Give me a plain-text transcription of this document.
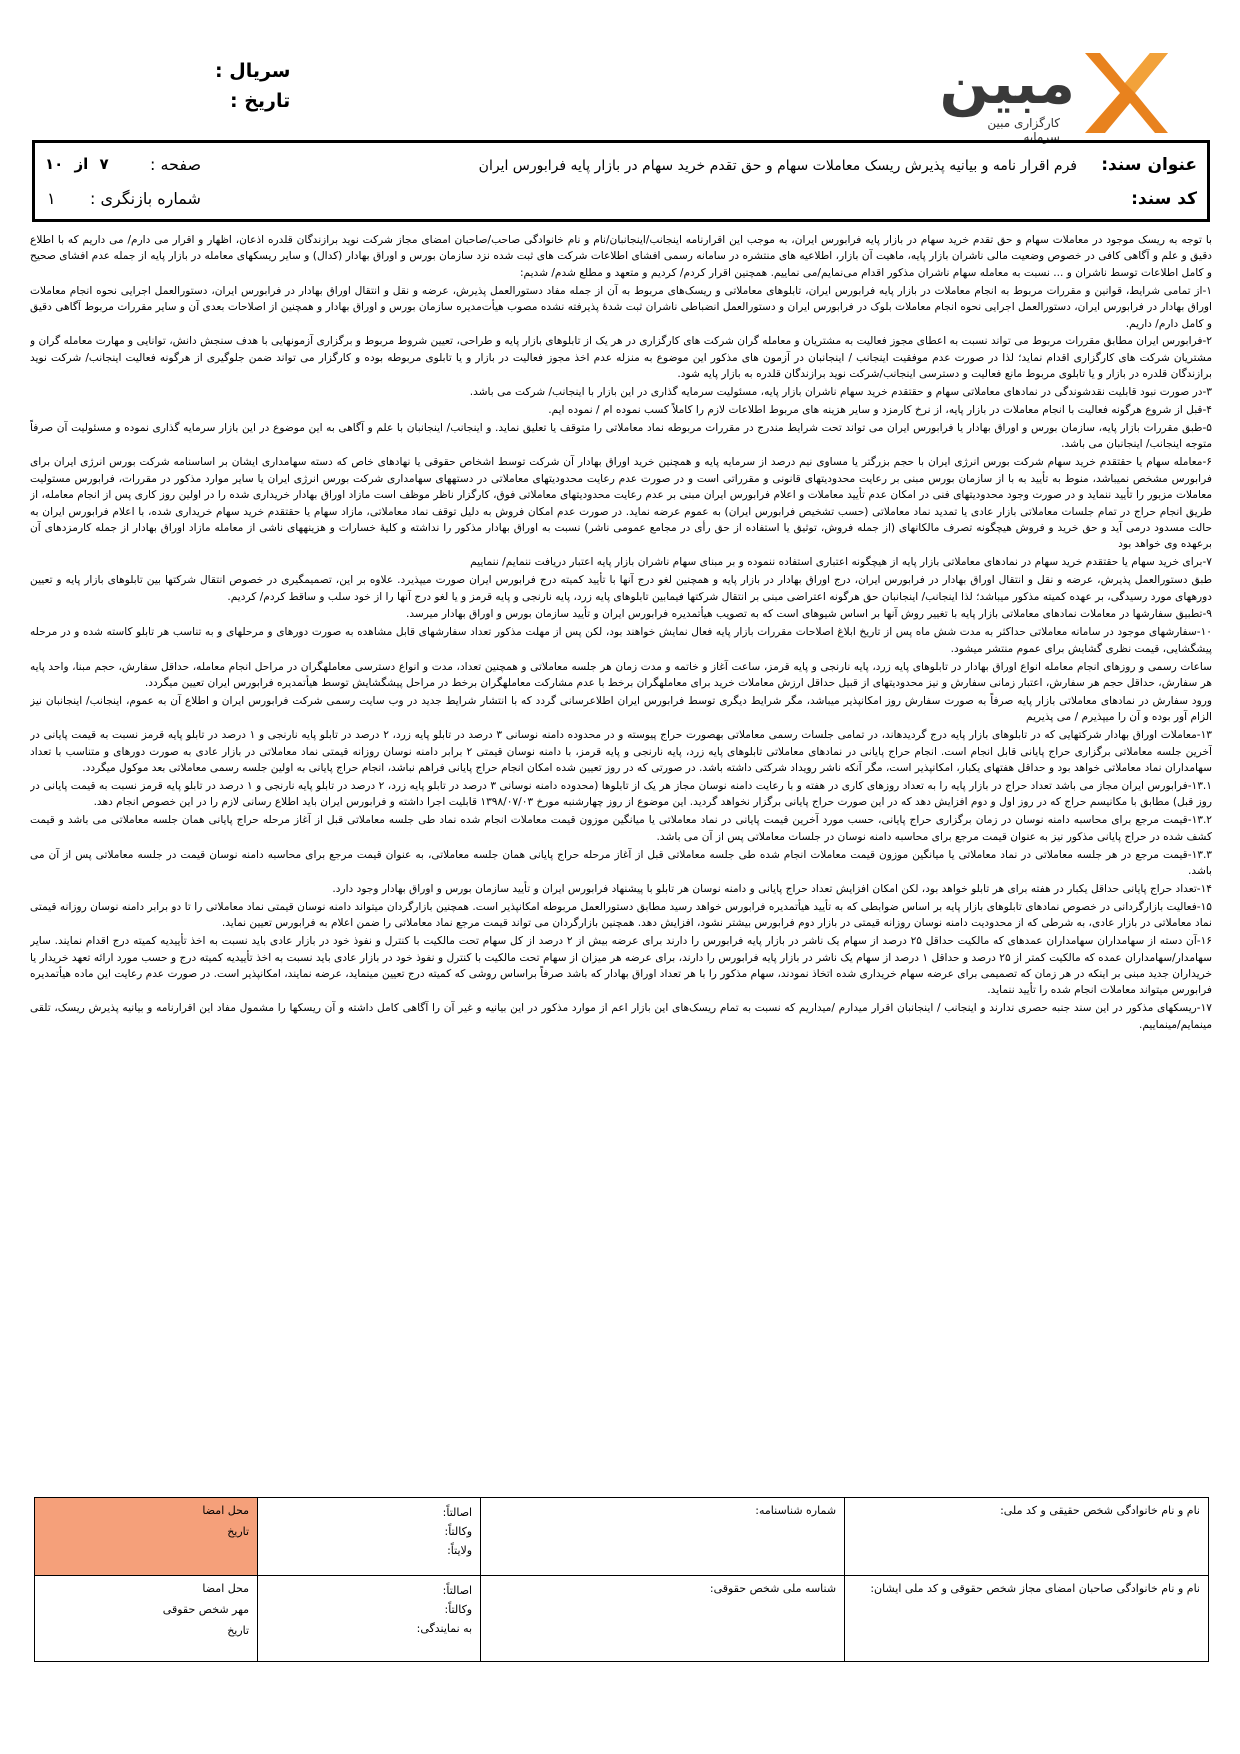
مبین
کارگزاری مبین سرمایه
سریال :
تاریخ :
عنوان سند:
فرم اقرار نامه و بیانیه پذیرش ریسک معاملات سهام و حق تقدم خرید سهام در بازار پایه فرابورس ایران
کد سند:
صفحه :
۷ از ۱۰
شماره بازنگری :
۱

با توجه به ریسک موجود در معاملات سهام و حق تقدم خرید سهام در بازار پایه فرابورس ایران، به موجب این اقرارنامه اینجانب/اینجانبان/نام و نام خانوادگی صاحب/صاحبان امضای مجاز شرکت نوید برازندگان قلدره اذعان، اظهار و اقرار می دارم/ می داریم که با اطلاع دقیق و علم و آگاهی کافی در خصوص وضعیت مالی ناشران بازار پایه، ماهیت آن بازار، اطلاعیه های منتشره در سامانه رسمی افشای اطلاعات شرکت های ثبت شده نزد سازمان بورس و اوراق بهادار (کدال) و سایر ریسکهای معامله در بازار پایه از جمله عدم افشای صحیح و کامل اطلاعات توسط ناشران و ... نسبت به معامله سهام ناشران مذکور اقدام می‌نمایم/می نماییم. همچنین اقرار کردم/ کردیم و متعهد و مطلع شدم/ شدیم:

۱-از تمامی شرایط، قوانین و مقررات مربوط به انجام معاملات در بازار پایه فرابورس ایران، تابلوهای معاملاتی و ریسک‌های مربوط به آن از جمله مفاد دستورالعمل پذیرش، عرضه و نقل و انتقال اوراق بهادار در فرابورس ایران، دستورالعمل اجرایی نحوه انجام معاملات اوراق بهادار در فرابورس ایران، دستورالعمل اجرایی نحوه انجام معاملات بلوک در فرابورس ایران و دستورالعمل انضباطی ناشران ثبت شدهٔ پذیرفته نشده مصوب هیأت‌مدیره سازمان بورس و اوراق بهادار و همچنین از اصلاحات بعدی آن و سایر مقررات مربوط آگاهی دقیق و کامل دارم/ داریم.

۲-فرابورس ایران مطابق مقررات مربوط می تواند نسبت به اعطای مجوز فعالیت به مشتریان و معامله گران شرکت های کارگزاری در هر یک از تابلوهای بازار پایه و طراحی، تعیین شروط مربوط و برگزاری آزمونهایی با هدف سنجش دانش، توانایی و مهارت معامله گران و مشتریان شرکت های کارگزاری اقدام نماید؛ لذا در صورت عدم موفقیت اینجانب / اینجانبان در آزمون های مذکور این موضوع به منزله عدم اخذ مجوز فعالیت در بازار و یا تابلوی مربوطه بوده و کارگزار می تواند ضمن جلوگیری از هرگونه فعالیت اینجانب/ شرکت نوید برازندگان قلدره در بازار و یا تابلوی مربوط مانع فعالیت و دسترسی اینجانب/شرکت نوید برازندگان قلدره به بازار پایه شود.

۳-در صورت نبود قابلیت نقدشوندگی در نمادهای معاملاتی سهام و حقتقدم خرید سهام ناشران بازار پایه، مسئولیت سرمایه گذاری در این بازار با اینجانب/ شرکت می باشد.

۴-قبل از شروع هرگونه فعالیت با انجام معاملات در بازار پایه، از نرخ کارمزد و سایر هزینه های مربوط اطلاعات لازم را کاملاً کسب نموده ام / نموده ایم.

۵-طبق مقررات بازار پایه، سازمان بورس و اوراق بهادار یا فرابورس ایران می تواند تحت شرایط مندرج در مقررات مربوطه نماد معاملاتی را متوقف یا تعلیق نماید. و اینجانب/ اینجانبان با علم و آگاهی به این موضوع در این بازار سرمایه گذاری نموده و مسئولیت آن صرفاً متوجه اینجانب/ اینجانبان می باشد.

۶-معامله سهام یا حقتقدم خرید سهام شرکت بورس انرژی ایران با حجم بزرگتر یا مساوی نیم درصد از سرمایه پایه و همچنین خرید اوراق بهادار آن شرکت توسط اشخاص حقوقی یا نهادهای خاص که دسته سهامداری ایشان بر اساسنامه شرکت بورس انرژی ایران برای فرابورس مشخص نمیباشد، منوط به تأیید به با از سازمان بورس مبنی بر رعایت محدودیتهای قانونی و مقرراتی است و در صورت عدم رعایت محدودیتهای معاملاتی در دستههای سهامداری شرکت بورس انرژی ایران یا سایر موارد مذکور در مقررات، فرابورس مستولیت معاملات مزبور را تأیید ننماید و در صورت وجود محدودیتهای فنی در امکان عدم تأیید معاملات و اعلام فرابورس ایران مبنی بر عدم رعایت محدودیتهای معاملاتی فوق، کارگزار ناظر موظف است مازاد اوراق بهادار خریداری شده را در اولین روز کاری پس از انجام معامله، از طریق انجام حراج در تمام جلسات معاملاتی بازار عادی یا تمدید نماد معاملاتی (حسب تشخیص فرابورس ایران) به عموم عرضه نماید. در صورت عدم امکان فروش به دلیل توقف نماد معاملاتی، مازاد سهام یا حقتقدم خرید سهام خریداری شده، با اعلام فرابورس ایران به حالت مسدود درمی آید و حق خرید و فروش هیچگونه تصرف مالکانهای (از جمله فروش، توثیق یا استفاده از حق رأی در مجامع عمومی ناشر) نسبت به اوراق بهادار مذکور را نداشته و کلیهٔ خسارات و هزینههای ناشی از معامله مازاد اوراق بهادار از جمله کارمزدهای آن برعهده وی خواهد بود

۷-برای خرید سهام یا حقتقدم خرید سهام در نمادهای معاملاتی بازار پایه از هیچگونه اعتباری استفاده ننموده و بر مبنای سهام ناشران بازار پایه اعتبار دریافت ننمایم/ ننماییم

طبق دستورالعمل پذیرش، عرضه و نقل و انتقال اوراق بهادار در فرابورس ایران، درج اوراق بهادار در بازار پایه و همچنین لغو درج آنها با تأیید کمیته درج فرابورس ایران صورت میپذیرد. علاوه بر این، تصمیمگیری در خصوص انتقال شرکتها بین تابلوهای بازار پایه و تعیین دورههای مورد رسیدگی، بر عهده کمیته مذکور میباشد؛ لذا اینجانب/ اینجانبان حق هرگونه اعتراضی مبنی بر انتقال شرکتها فیمابین تابلوهای پایه زرد، پایه نارنجی و پایه قرمز و یا لغو درج آنها را از خود سلب و ساقط کردم/ کردیم.

۹-تطبیق سفارشها در معاملات نمادهای معاملاتی بازار پایه با تغییر روش آنها بر اساس شیوهای است که به تصویب هیأتمدیره فرابورس ایران و تأیید سازمان بورس و اوراق بهادار میرسد.

۱۰-سفارشهای موجود در سامانه معاملاتی حداکثر به مدت شش ماه پس از تاریخ ابلاغ اصلاحات مقررات بازار پایه فعال نمایش خواهند بود، لکن پس از مهلت مذکور تعداد سفارشهای قابل مشاهده به صورت دورهای و مرحلهای و به تناسب هر تابلو کاسته شده و در مرحله پیشگشایی، قیمت نظری گشایش برای عموم منتشر میشود.

ساعات رسمی و روزهای انجام معامله انواع اوراق بهادار در تابلوهای پایه زرد، پایه نارنجی و پایه قرمز، ساعت آغاز و خاتمه و مدت زمان هر جلسه معاملاتی و همچنین تعداد، مدت و انواع دسترسی معاملهگران در مراحل انجام معامله، حداقل سفارش، حجم مبنا، واحد پایه هر سفارش، حداقل حجم هر سفارش، اعتبار زمانی سفارش و نیز محدودیتهای از قبیل حداقل ارزش معاملات خرید برای معاملهگران برخط با عدم مشارکت معاملهگران برخط در مراحل پیشگشایش توسط هیأتمدیره فرابورس ایران تعیین میگردد.

ورود سفارش در نمادهای معاملاتی بازار پایه صرفاً به صورت سفارش روز امکانپذیر میباشد، مگر شرایط دیگری توسط فرابورس ایران اطلاعرسانی گردد که با انتشار شرایط جدید در وب سایت رسمی شرکت فرابورس ایران و اطلاع آن به عموم، اینجانب/ اینجانبان نیز الزام آور بوده و آن را میپذیرم / می پذیریم

۱۳-معاملات اوراق بهادار شرکتهایی که در تابلوهای بازار پایه درج گردیدهاند، در تمامی جلسات رسمی معاملاتی بهصورت حراج پیوسته و در محدوده دامنه نوسانی ۳ درصد در تابلو پایه زرد، ۲ درصد در تابلو پایه نارنجی و ۱ درصد در تابلو پایه قرمز نسبت به قیمت پایانی در آخرین جلسه معاملاتی برگزاری حراج پایانی قابل انجام است. انجام حراج پایانی در نمادهای معاملاتی تابلوهای پایه زرد، پایه نارنجی و پایه قرمز، با دامنه نوسان قیمتی ۲ برابر دامنه نوسان روزانه قیمتی نماد معاملاتی در بازار عادی به صورت دورهای و متناسب با تعداد سهامداران نماد معاملاتی خواهد بود و حداقل هفتهای یکبار، امکانپذیر است، مگر آنکه ناشر رویداد شرکتی داشته باشد. در صورتی که در روز تعیین شده امکان انجام حراج پایانی فراهم نباشد، انجام حراج پایانی به اولین جلسه رسمی معاملاتی بعد موکول میگردد.

۱۳.۱-فرابورس ایران مجاز می باشد تعداد حراج در بازار پایه را به تعداد روزهای کاری در هفته و با رعایت دامنه نوسان مجاز هر یک از تابلوها (محدوده دامنه نوسانی ۳ درصد در تابلو پایه زرد، ۲ درصد در تابلو پایه نارنجی و ۱ درصد در تابلو پایه قرمز نسبت به قیمت پایانی در روز قبل) مطابق با مکانیسم حراج که در روز اول و دوم افزایش دهد که در این صورت حراج پایانی برگزار نخواهد گردید. این موضوع از روز چهارشنبه مورخ ۱۳۹۸/۰۷/۰۳ قابلیت اجرا داشته و فرابورس ایران باید اطلاع رسانی لازم را در این خصوص انجام دهد.

۱۳.۲-قیمت مرجع برای محاسبه دامنه نوسان در زمان برگزاری حراج پایانی، حسب مورد آخرین قیمت پایانی در نماد معاملاتی یا میانگین موزون قیمت معاملات انجام شده نماد طی جلسه معاملاتی قبل از آغاز مرحله حراج پایانی همان جلسه معاملاتی می باشد و قیمت کشف شده در حراج پایانی مذکور نیز به عنوان قیمت مرجع برای محاسبه دامنه نوسان در جلسات معاملاتی پس از آن می باشد.

۱۳.۳-قیمت مرجع در هر جلسه معاملاتی در نماد معاملاتی یا میانگین موزون قیمت معاملات انجام شده طی جلسه معاملاتی قبل از آغاز مرحله حراج پایانی همان جلسه معاملاتی، به عنوان قیمت مرجع برای محاسبه دامنه نوسان قیمت در جلسه معاملاتی پس از آن می باشد.

۱۴-تعداد حراج پایانی حداقل یکبار در هفته برای هر تابلو خواهد بود، لکن امکان افزایش تعداد حراج پایانی و دامنه نوسان هر تابلو با پیشنهاد فرابورس ایران و تأیید سازمان بورس و اوراق بهادار وجود دارد.

۱۵-فعالیت بازارگردانی در خصوص نمادهای تابلوهای بازار پایه بر اساس ضوابطی که به تأیید هیأتمدیره فرابورس خواهد رسید مطابق دستورالعمل مربوطه امکانپذیر است. همچنین بازارگردان میتواند دامنه نوسان قیمتی نماد معاملاتی را تا دو برابر دامنه نوسان روزانه قیمتی نماد معاملاتی در بازار عادی، به شرطی که از محدودیت دامنه نوسان روزانه قیمتی در بازار دوم فرابورس بیشتر نشود، افزایش دهد. همچنین بازارگردان می تواند قیمت مرجع نماد معاملاتی را ضمن اعلام به فرابورس تعیین نماید.

۱۶-آن دسته از سهامداران سهامداران عمدهای که مالکیت حداقل ۲۵ درصد از سهام یک ناشر در بازار پایه فرابورس را دارند برای عرضه بیش از ۲ درصد از کل سهام تحت مالکیت با کنترل و نفوذ خود در بازار عادی باید نسبت به اخذ تأییدیه کمیته درج اقدام نمایند. سایر سهامدار/سهامداران عمده که مالکیت کمتر از ۲۵ درصد و حداقل ۱ درصد از سهام یک ناشر در بازار پایه فرابورس را دارند، برای عرضه هر میزان از سهام تحت مالکیت با کنترل و نفوذ خود در بازار عادی باید نسبت به اخذ تأییدیه کمیته درج و حسب مورد ارائه تعهد خریدار یا خریداران جدید مبنی بر اینکه در هر زمان که تصمیمی برای عرضه سهام خریداری شده اتخاذ نمودند، سهام مذکور را با هر تعداد اوراق بهادار که باشد صرفاً براساس روشی که کمیته درج تعیین مینماید، عرضه نمایند، امکانپذیر است. در صورت عدم رعایت این ماده هیأتمدیره فرابورس میتواند معاملات انجام شده را تأیید ننماید.

۱۷-ریسکهای مذکور در این سند جنبه حصری ندارند و اینجانب / اینجانبان اقرار میدارم /میداریم که نسبت به تمام ریسک‌های این بازار اعم از موارد مذکور در این بیانیه و غیر آن را آگاهی کامل داشته و آن ریسکها را مشمول مفاد این اقرارنامه و بیانیه پذیرش ریسک، تلقی مینمایم/مینماییم.

نام و نام خانوادگی شخص حقیقی و کد ملی:	شماره شناسنامه:	اصالتاً:
وکالتاً:
ولایتاً:	محل امضا
تاریخ

نام و نام خانوادگی صاحبان امضای مجاز شخص حقوقی و کد ملی ایشان:	شناسه ملی شخص حقوقی:	اصالتاً:
وکالتاً:
به نمایندگی:	محل امضا
مهر شخص حقوقی
تاریخ
